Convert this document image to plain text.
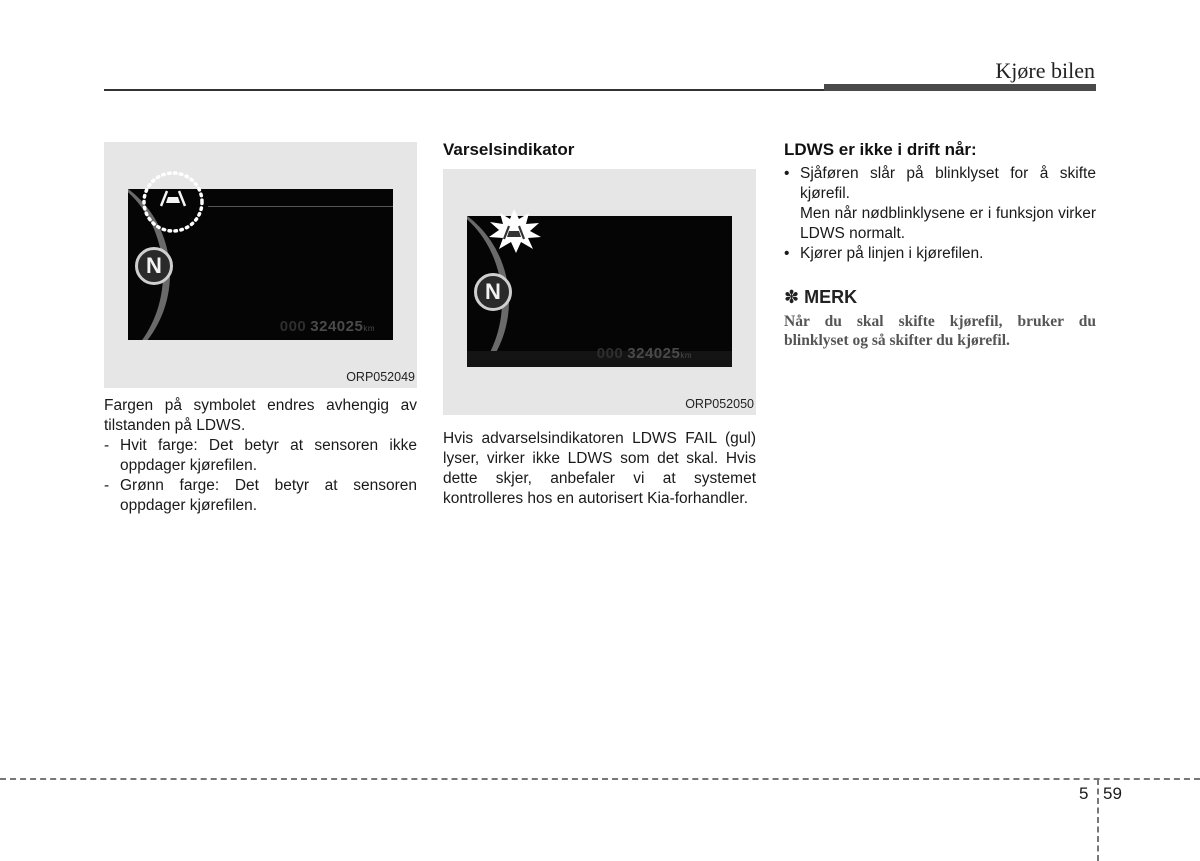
Kjøre bilen
N
000 324025km
ORP052049

Fargen på symbolet endres avhengig av tilstanden på LDWS.

- Hvit farge: Det betyr at sensoren ikke oppdager kjørefilen.
- Grønn farge: Det betyr at sensoren oppdager kjørefilen.
Varselsindikator
N
000 324025km
ORP052050
Hvis advarselsindikatoren LDWS FAIL (gul) lyser, virker ikke LDWS som det skal. Hvis dette skjer, anbefaler vi at systemet kontrolleres hos en autorisert Kia-forhandler.
LDWS er ikke i drift når:
• Sjåføren slår på blinklyset for å skifte kjørefil.

Men når nødblinklysene er i funksjon virker LDWS normalt.

• Kjører på linjen i kjørefilen.
✽ MERK
Når du skal skifte kjørefil, bruker du blinklyset og så skifter du kjørefil.
5 59
